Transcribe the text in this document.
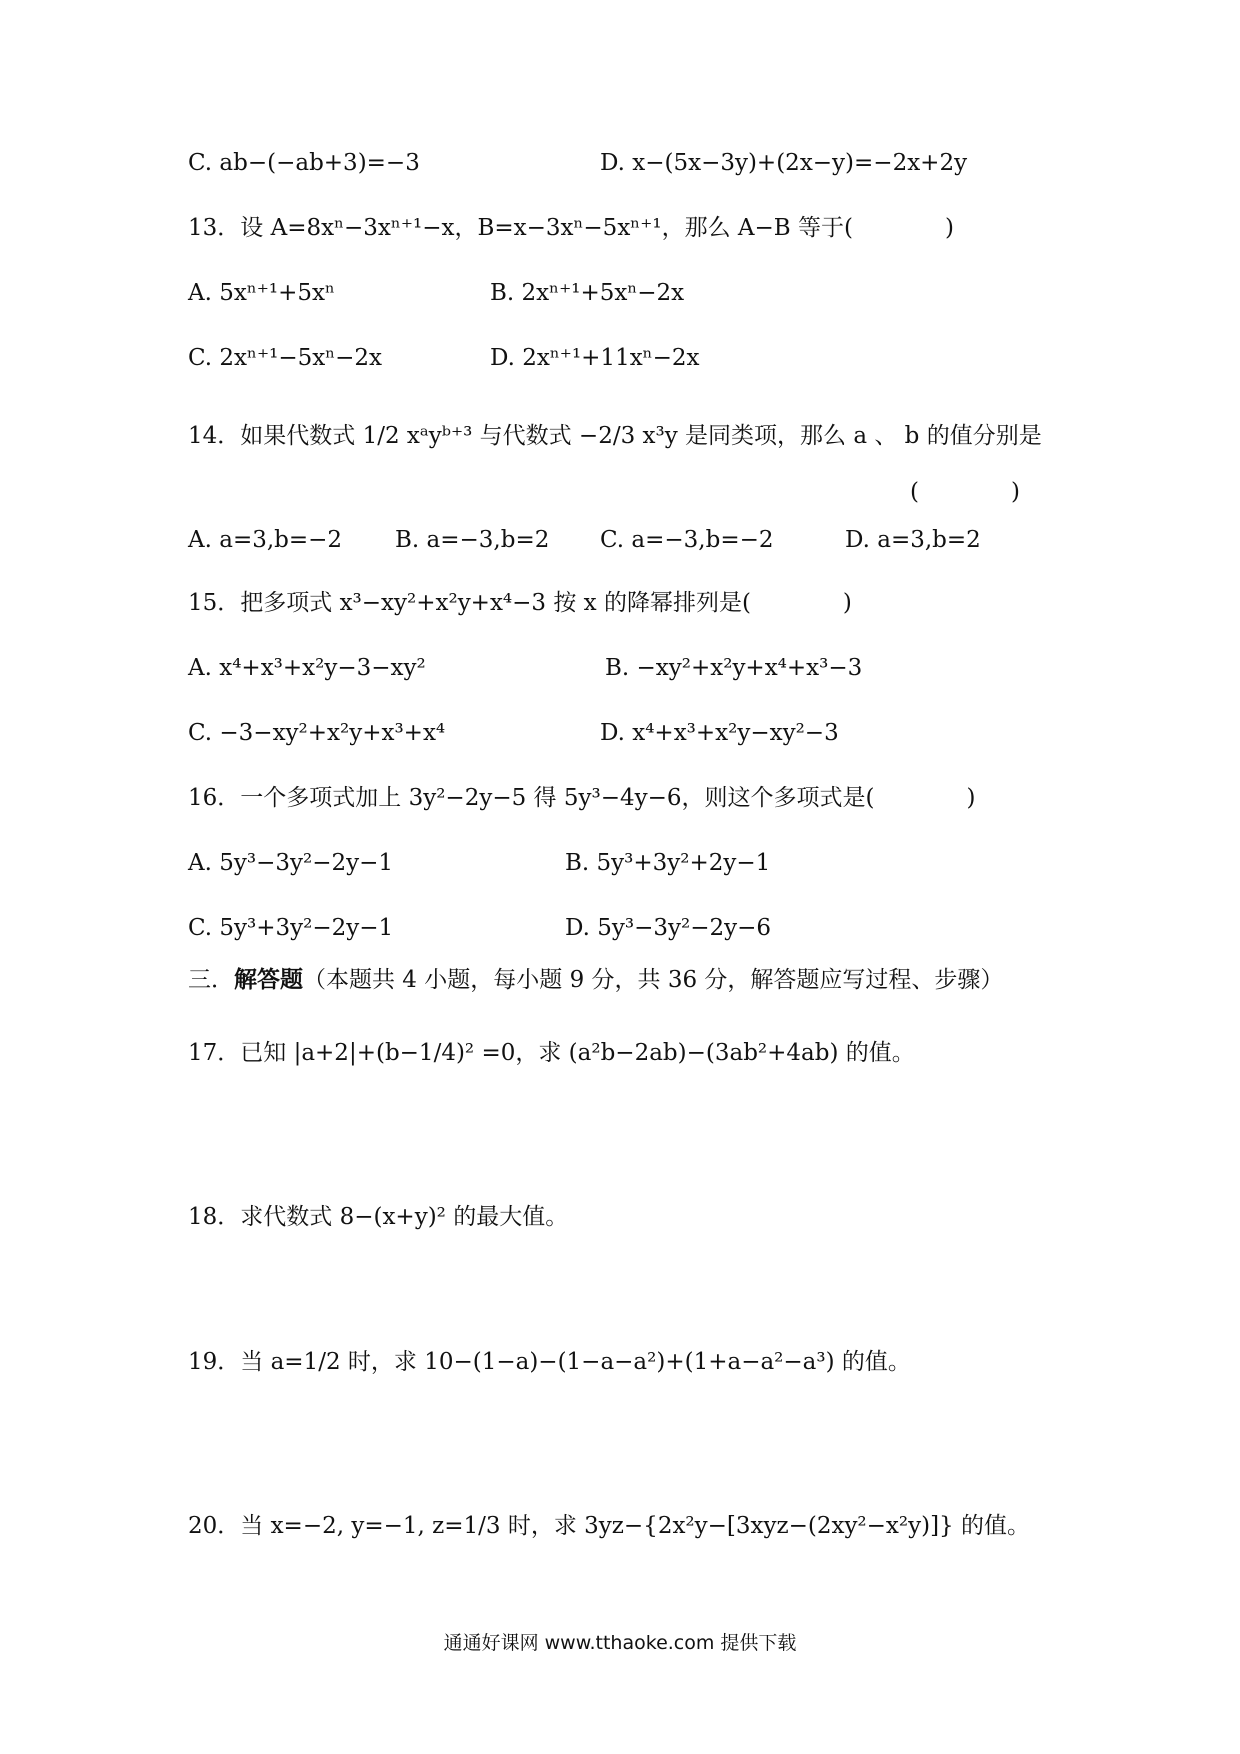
C. ab−(−ab+3)=−3	D. x−(5x−3y)+(2x−y)=−2x+2y
13．设 A=8xⁿ−3xⁿ⁺¹−x，B=x−3xⁿ−5xⁿ⁺¹，那么 A−B 等于(　　　　)
A. 5xⁿ⁺¹+5xⁿ	B. 2xⁿ⁺¹+5xⁿ−2x
C. 2xⁿ⁺¹−5xⁿ−2x	D. 2xⁿ⁺¹+11xⁿ−2x
14．如果代数式 1/2 xᵃyᵇ⁺³ 与代数式 −2/3 x³y 是同类项，那么 a 、 b 的值分别是
(　　　　)
A. a=3,b=−2 B. a=−3,b=2 C. a=−3,b=−2	D. a=3,b=2
15．把多项式 x³−xy²+x²y+x⁴−3 按 x 的降幂排列是(　　　　)
A. x⁴+x³+x²y−3−xy²	B. −xy²+x²y+x⁴+x³−3
C. −3−xy²+x²y+x³+x⁴	D. x⁴+x³+x²y−xy²−3
16．一个多项式加上 3y²−2y−5 得 5y³−4y−6，则这个多项式是(　　　　)
A. 5y³−3y²−2y−1	B. 5y³+3y²+2y−1
C. 5y³+3y²−2y−1	D. 5y³−3y²−2y−6
三．解答题（本题共 4 小题，每小题 9 分，共 36 分，解答题应写过程、步骤）
17．已知 |a+2|+(b−1/4)² =0，求 (a²b−2ab)−(3ab²+4ab) 的值。
18．求代数式 8−(x+y)² 的最大值。
19．当 a=1/2 时，求 10−(1−a)−(1−a−a²)+(1+a−a²−a³) 的值。
20．当 x=−2, y=−1, z=1/3 时，求 3yz−{2x²y−[3xyz−(2xy²−x²y)]} 的值。
通通好课网 www.tthaoke.com 提供下载
